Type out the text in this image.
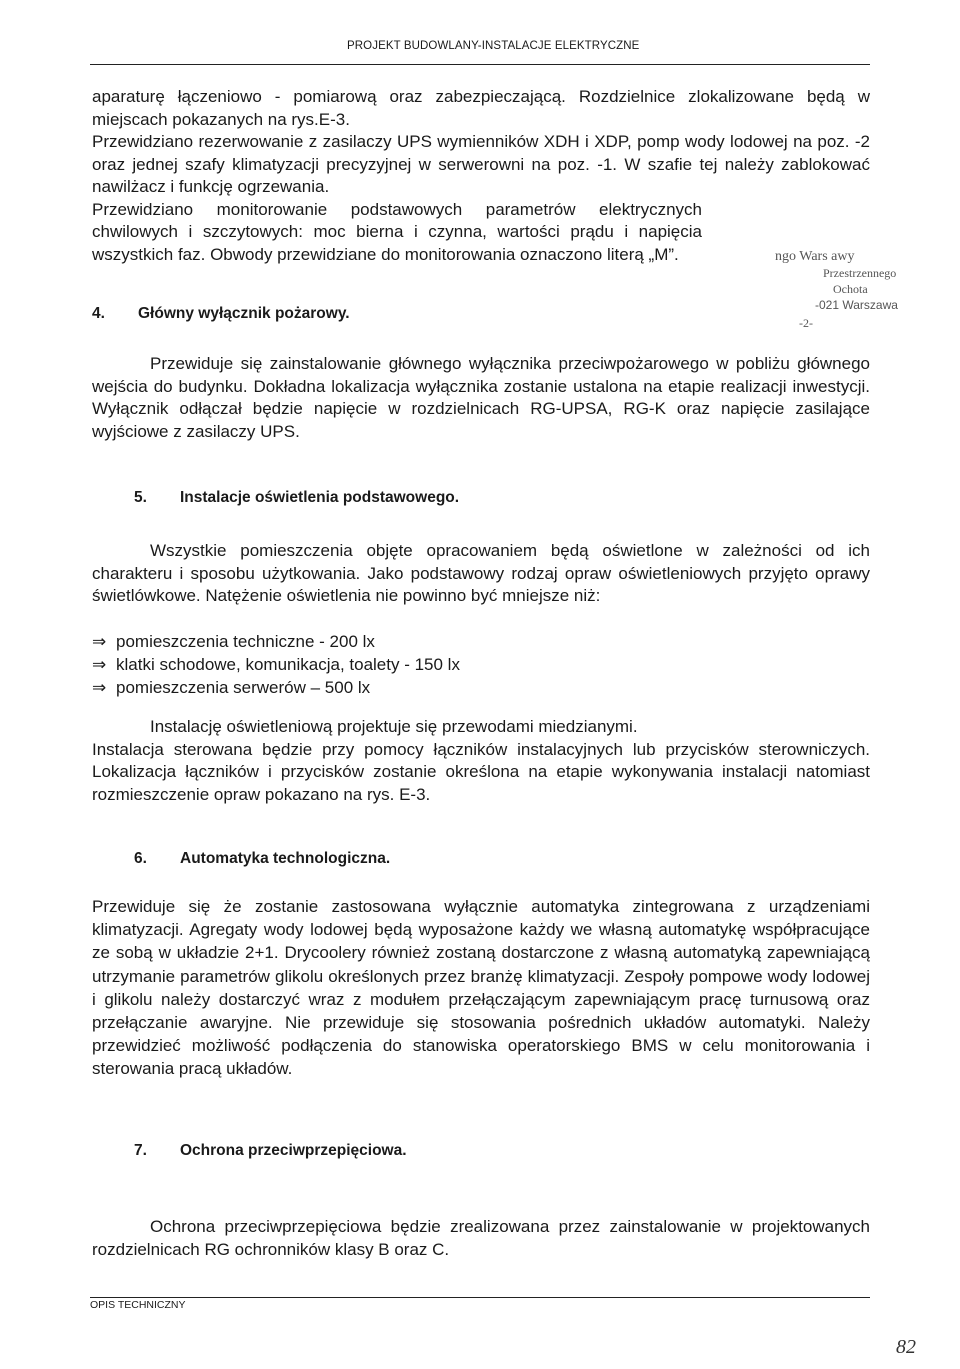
PROJEKT BUDOWLANY-INSTALACJE ELEKTRYCZNE

aparaturę łączeniowo - pomiarową oraz zabezpieczającą. Rozdzielnice zlokalizowane będą w miejscach pokazanych na rys.E-3.

Przewidziano rezerwowanie z zasilaczy UPS wymienników XDH i XDP, pomp wody lodowej na poz. -2 oraz jednej szafy klimatyzacji precyzyjnej w serwerowni na poz. -1. W szafie tej należy zablokować nawilżacz i funkcję ogrzewania.

Przewidziano monitorowanie podstawowych parametrów elektrycznych chwilowych i szczytowych: moc bierna i czynna, wartości prądu i napięcia wszystkich faz. Obwody przewidziane do monitorowania oznaczono literą „M”.	ngo Wars awy
Przestrzennego
Ochota
-021 Warszawa
-2-
4. Główny wyłącznik pożarowy.

Przewiduje się zainstalowanie głównego wyłącznika przeciwpożarowego w pobliżu głównego wejścia do budynku. Dokładna lokalizacja wyłącznika zostanie ustalona na etapie realizacji inwestycji. Wyłącznik odłączał będzie napięcie w rozdzielnicach RG-UPSA, RG-K oraz napięcie zasilające wyjściowe z zasilaczy UPS.

5. Instalacje oświetlenia podstawowego.

Wszystkie pomieszczenia objęte opracowaniem będą oświetlone w zależności od ich charakteru i sposobu użytkowania. Jako podstawowy rodzaj opraw oświetleniowych przyjęto oprawy świetlówkowe. Natężenie oświetlenia nie powinno być mniejsze niż:

⇒ pomieszczenia techniczne - 200 lx
⇒ klatki schodowe, komunikacja, toalety - 150 lx
⇒ pomieszczenia serwerów – 500 lx

Instalację oświetleniową projektuje się przewodami miedzianymi.

Instalacja sterowana będzie przy pomocy łączników instalacyjnych lub przycisków sterowniczych. Lokalizacja łączników i przycisków zostanie określona na etapie wykonywania instalacji natomiast rozmieszczenie opraw pokazano na rys. E-3.

6. Automatyka technologiczna.

Przewiduje się że zostanie zastosowana wyłącznie automatyka zintegrowana z urządzeniami klimatyzacji. Agregaty wody lodowej będą wyposażone każdy we własną automatykę współpracujące ze sobą w układzie 2+1. Drycoolery również zostaną dostarczone z własną automatyką zapewniającą utrzymanie parametrów glikolu określonych przez branżę klimatyzacji. Zespoły pompowe wody lodowej i glikolu należy dostarczyć wraz z modułem przełączającym zapewniającym pracę turnusową oraz przełączanie awaryjne. Nie przewiduje się stosowania pośrednich układów automatyki. Należy przewidzieć możliwość podłączenia do stanowiska operatorskiego BMS w celu monitorowania i sterowania pracą układów.

7. Ochrona przeciwprzepięciowa.

Ochrona przeciwprzepięciowa będzie zrealizowana przez zainstalowanie w projektowanych rozdzielnicach RG ochronników klasy B oraz C.

OPIS TECHNICZNY
82
